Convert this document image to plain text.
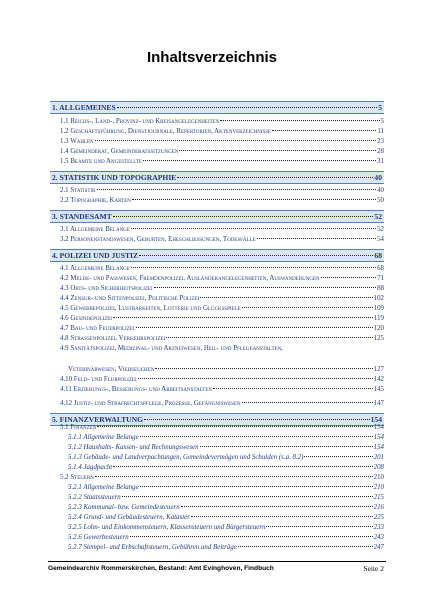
Inhaltsverzeichnis
1. ALLGEMEINES	5
1.1 Reichs-, Land-, Provinz- und Kreisangelegenheiten	5
1.2 Geschäftsführung, Dienstjournale, Repertorien, Aktenverzeichnisse	11
1.3 Wahlen	23
1.4 Gemeinderat, Gemeinderatssitzungen	28
1.5 Beamte und Angestellte	31
2. STATISTIK UND TOPOGRAPHIE	40
2.1 Statistik	40
2.2 Topographie, Karten	50
3. STANDESAMT	52
3.1 Allgemeine Belange	52
3.2 Personenstandswesen, Geburten, Eheschließungen, Todesfälle	54
4. POLIZEI UND JUSTIZ	68
4.1 Allgemeine Belange	68
4.2 Melde- und Passwesen, Fremdenpolizei, Ausländerangelegenheiten, Auswanderungen	71
4.3 Orts- und Sicherheitspolizei	88
4.4 Zensur- und Sittenpolizei, Politische Polizei	102
4.5 Gewerbepolizei, Lustbarkeiten, Lotterie und Glücksspiele	109
4.6 Gesindepolizei	119
4.7 Bau- und Feuerpolizei	120
4.8 Strassenpolizei, Verkehrspolizei	125
4.9 Sanitätspolizei, Medizinal- und Arzneiwesen, Heil- und Pflegeanstalten,
Veterinärwesen, Viehseuchen	127
4.10 Feld- und Flurpolizei	142
4.11 Erziehungs-, Besserungs- und Arbeitsanstalten	145
4.12 Justiz- und Strafrechtspflege, Prozesse, Gefängniswesen	147
5. FINANZVERWALTUNG	154
5.1 Finanzen	154
5.1.1 Allgemeine Belange	154
5.1.2 Haushalts- Kassen- und Rechnungswesen	154
5.1.3 Gebäude- und Landverpachtungen, Gemeindevermögen und Schulden (s.a. 8.2)	201
5.1.4 Jagdpacht	208
5.2 Steuern	210
5.2.1 Allgemeine Belange	210
5.2.2 Staatssteuern	215
5.2.3 Kommunal- bzw. Gemeindesteuern	216
5.2.4 Grund- und Gebäudesteuern, Kataster	225
5.2.5 Lohn- und Einkommensteuern, Klassensteuern und Bürgersteuern	233
5.2.6 Gewerbesteuern	243
5.2.7 Stempel- und Erbschaftsteuern, Gebühren und Beiträge	247
Gemeindearchiv Rommerskirchen, Bestand: Amt Evinghoven, Findbuch	Seite 2
